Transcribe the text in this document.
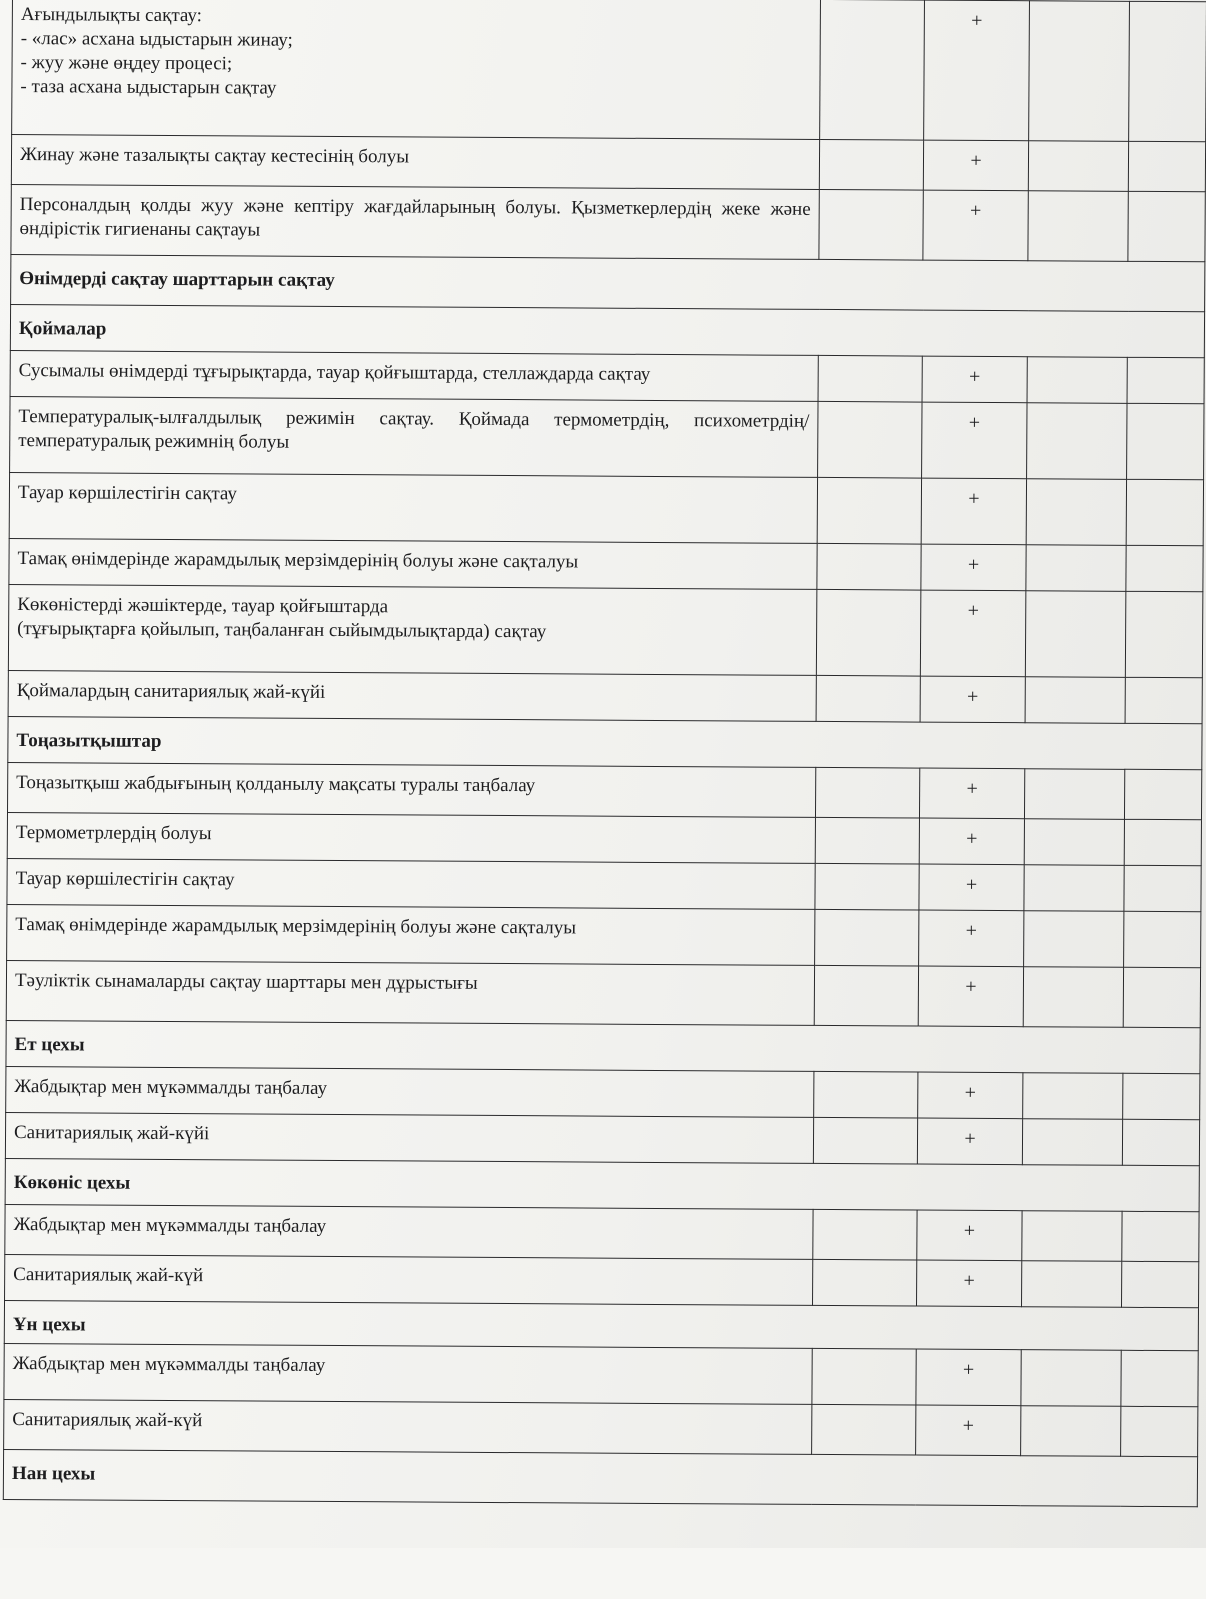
Ағындылықты сақтау:
- «лас» асхана ыдыстарын жинау;
- жуу және өңдеу процесі;
- таза асхана ыдыстарын сақтау		+		
Жинау және тазалықты сақтау кестесінің болуы		+		
Персоналдың қолды жуу және кептіру жағдайларының болуы. Қызметкерлердің жеке және өндірістік гигиенаны сақтауы		+		
Өнімдерді сақтау шарттарын сақтау				
Қоймалар				
Сусымалы өнімдерді тұғырықтарда, тауар қойғыштарда, стеллаждарда сақтау		+		
Температуралық-ылғалдылық режимін сақтау. Қоймада термометрдің, психометрдің/температуралық режимнің болуы		+		
Тауар көршілестігін сақтау		+		
Тамақ өнімдерінде жарамдылық мерзімдерінің болуы және сақталуы		+		
Көкөністерді жәшіктерде, тауар қойғыштарда
(тұғырықтарға қойылып, таңбаланған сыйымдылықтарда) сақтау		+		
Қоймалардың санитариялық жай-күйі		+		
Тоңазытқыштар				
Тоңазытқыш жабдығының қолданылу мақсаты туралы таңбалау		+		
Термометрлердің болуы		+		
Тауар көршілестігін сақтау		+		
Тамақ өнімдерінде жарамдылық мерзімдерінің болуы және сақталуы		+		
Тәуліктік сынамаларды сақтау шарттары мен дұрыстығы		+		
Ет цехы				
Жабдықтар мен мүкәммалды таңбалау		+		
Санитариялық жай-күйі		+		
Көкөніс цехы				
Жабдықтар мен мүкәммалды таңбалау		+		
Санитариялық жай-күй		+		
Ұн цехы				
Жабдықтар мен мүкәммалды таңбалау		+		
Санитариялық жай-күй		+		
Нан цехы				
